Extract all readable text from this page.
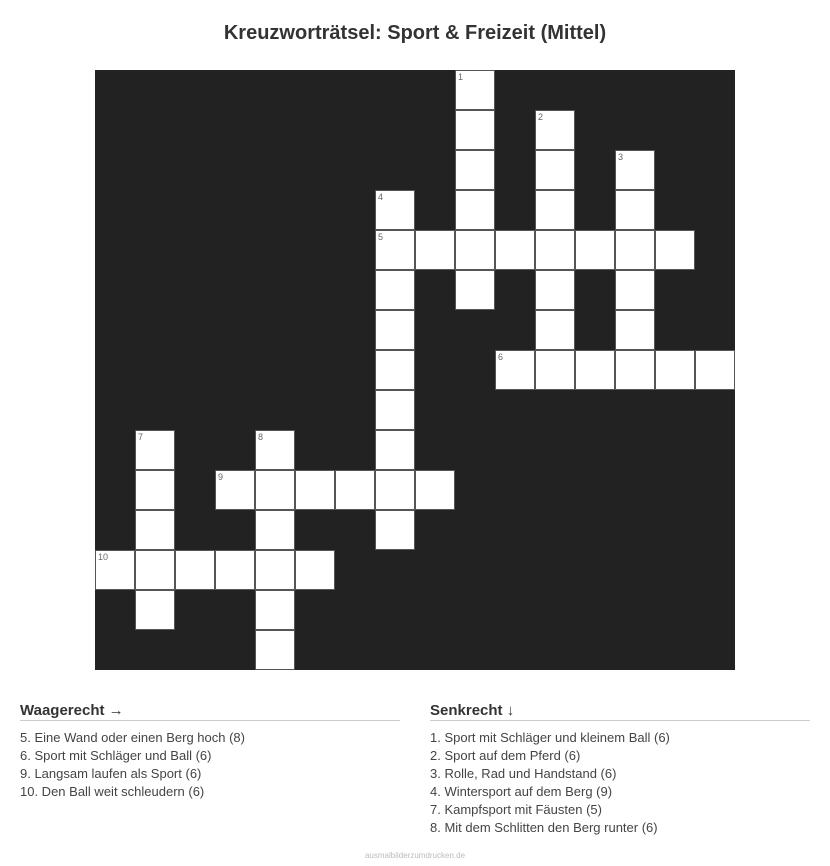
Kreuzworträtsel: Sport & Freizeit (Mittel)
1
2
3
4
5
6
7	8
9
10
Waagerecht →
5. Eine Wand oder einen Berg hoch (8)
6. Sport mit Schläger und Ball (6)
9. Langsam laufen als Sport (6)
10. Den Ball weit schleudern (6)
Senkrecht ↓
1. Sport mit Schläger und kleinem Ball (6)
2. Sport auf dem Pferd (6)
3. Rolle, Rad und Handstand (6)
4. Wintersport auf dem Berg (9)
7. Kampfsport mit Fäusten (5)
8. Mit dem Schlitten den Berg runter (6)
ausmalbilderzumdrucken.de
